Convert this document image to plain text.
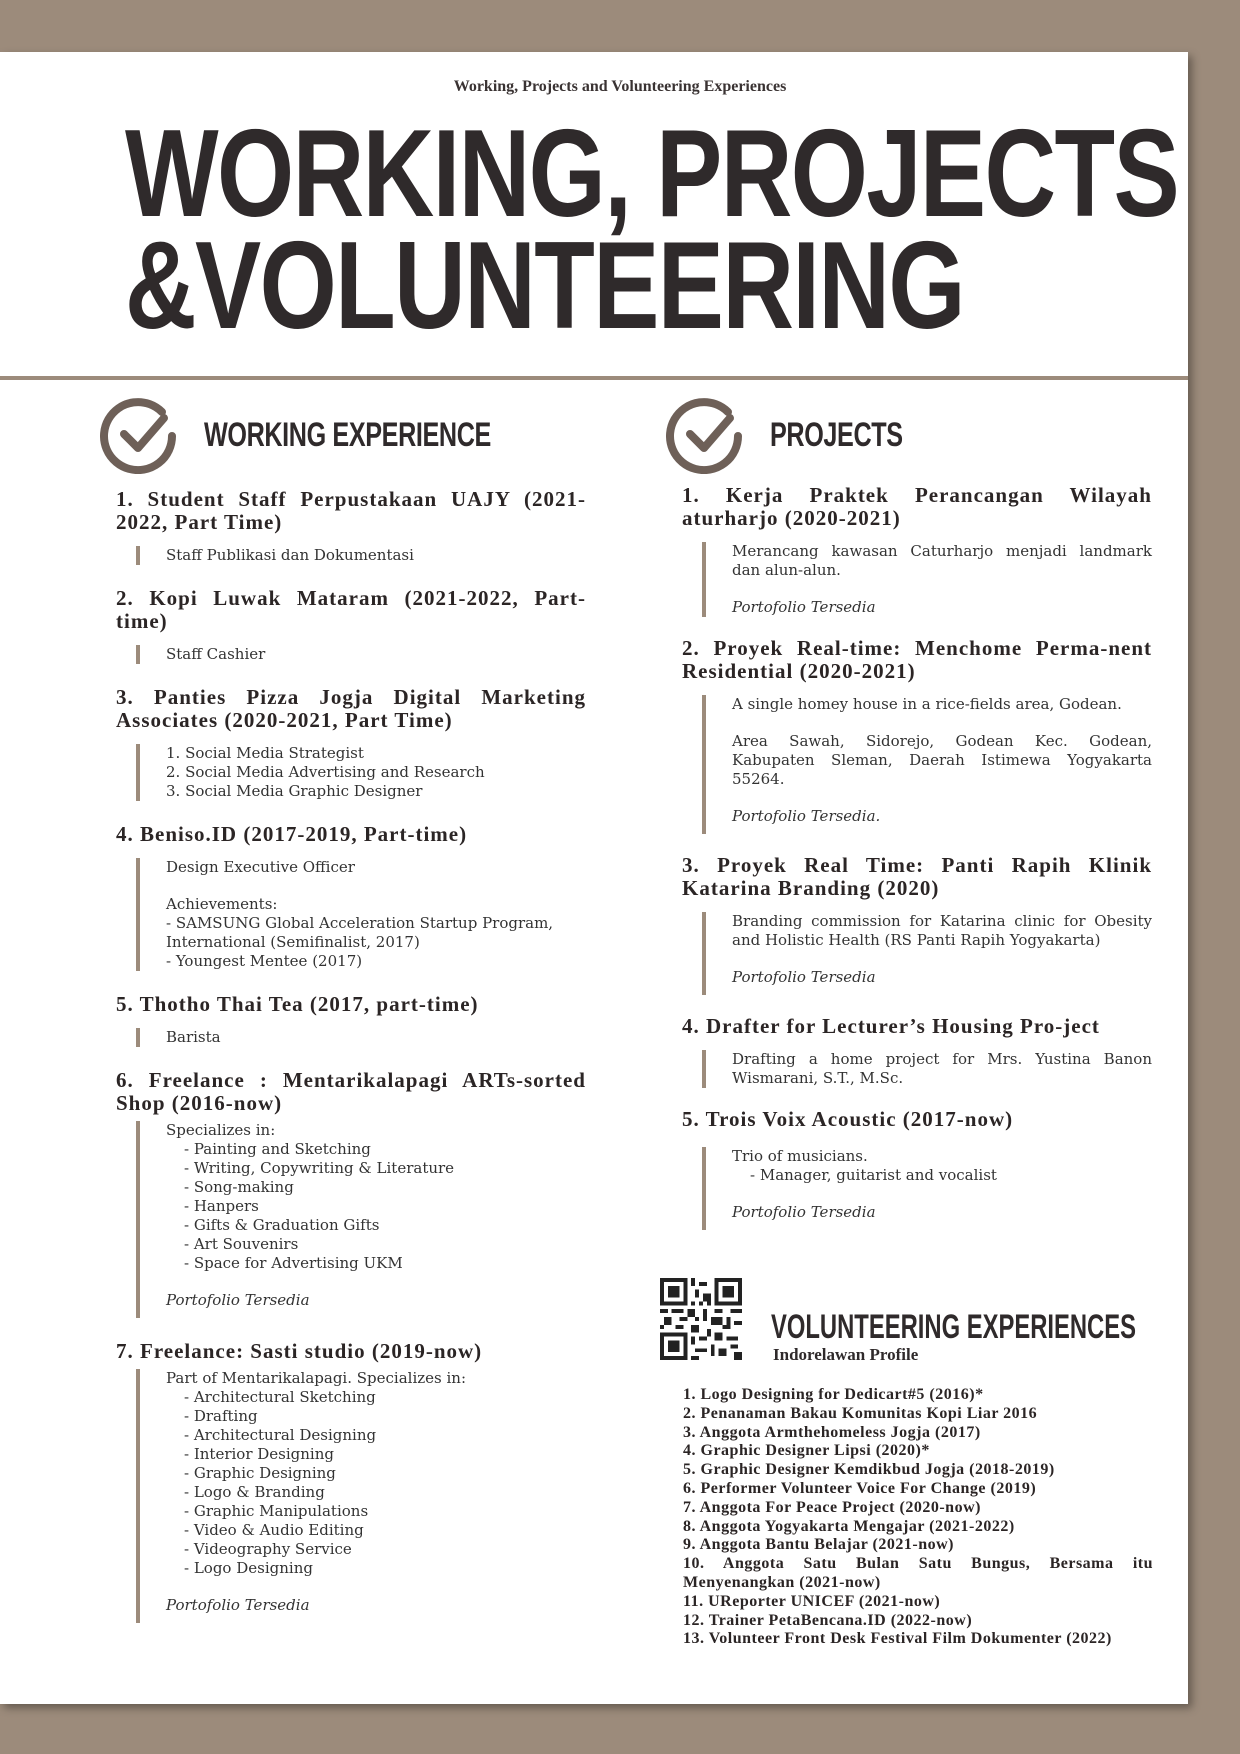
Working, Projects and Volunteering Experiences
WORKING, PROJECTS
&VOLUNTEERING
WORKING EXPERIENCE
1. Student Staff Perpustakaan UAJY (2021-2022, Part Time)

Staff Publikasi dan Dokumentasi

2. Kopi Luwak Mataram (2021-2022, Part-time)

Staff Cashier

3. Panties Pizza Jogja Digital Marketing Associates (2020-2021, Part Time)

1. Social Media Strategist

2. Social Media Advertising and Research

3. Social Media Graphic Designer

4. Beniso.ID (2017-2019, Part-time)

Design Executive Officer

Achievements:

- SAMSUNG Global Acceleration Startup Program, International (Semifinalist, 2017)

- Youngest Mentee (2017)

5. Thotho Thai Tea (2017, part-time)

Barista

6. Freelance : Mentarikalapagi ARTs-sorted Shop (2016-now)

Specializes in:

- Painting and Sketching

- Writing, Copywriting & Literature

- Song-making

- Hanpers

- Gifts & Graduation Gifts

- Art Souvenirs

- Space for Advertising UKM

Portofolio Tersedia

7. Freelance: Sasti studio (2019-now)

Part of Mentarikalapagi. Specializes in:

- Architectural Sketching

- Drafting

- Architectural Designing

- Interior Designing

- Graphic Designing

- Logo & Branding

- Graphic Manipulations

- Video & Audio Editing

- Videography Service

- Logo Designing

Portofolio Tersedia

PROJECTS
1. Kerja Praktek Perancangan Wilayah aturharjo (2020-2021)

Merancang kawasan Caturharjo menjadi landmark dan alun-alun.

Portofolio Tersedia

2. Proyek Real-time: Menchome Perma-nent Residential (2020-2021)

A single homey house in a rice-fields area, Godean.

Area Sawah, Sidorejo, Godean Kec. Godean, Kabupaten Sleman, Daerah Istimewa Yogyakarta 55264.

Portofolio Tersedia.

3. Proyek Real Time: Panti Rapih Klinik Katarina Branding (2020)

Branding commission for Katarina clinic for Obesity and Holistic Health (RS Panti Rapih Yogyakarta)

Portofolio Tersedia

4. Drafter for Lecturer’s Housing Pro-ject

Drafting a home project for Mrs. Yustina Banon Wismarani, S.T., M.Sc.

5. Trois Voix Acoustic (2017-now)

Trio of musicians.

- Manager, guitarist and vocalist

Portofolio Tersedia

VOLUNTEERING EXPERIENCES
Indorelawan Profile

1. Logo Designing for Dedicart#5 (2016)*

2. Penanaman Bakau Komunitas Kopi Liar 2016

3. Anggota Armthehomeless Jogja (2017)

4. Graphic Designer Lipsi (2020)*

5. Graphic Designer Kemdikbud Jogja (2018-2019)

6. Performer Volunteer Voice For Change (2019)

7. Anggota For Peace Project (2020-now)

8. Anggota Yogyakarta Mengajar (2021-2022)

9. Anggota Bantu Belajar (2021-now)

10. Anggota Satu Bulan Satu Bungus, Bersama itu Menyenangkan (2021-now)

11. UReporter UNICEF (2021-now)

12. Trainer PetaBencana.ID (2022-now)

13. Volunteer Front Desk Festival Film Dokumenter (2022)
